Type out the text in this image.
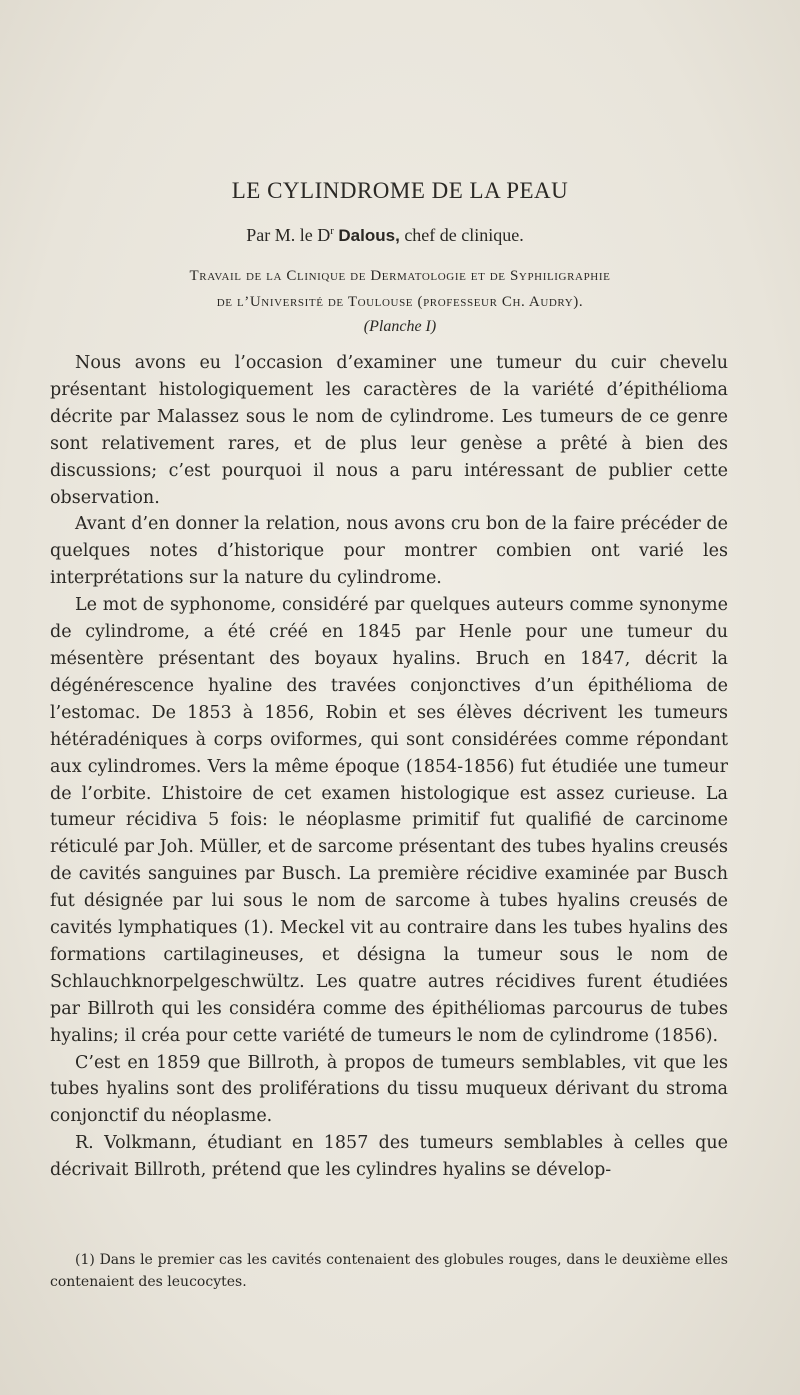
LE CYLINDROME DE LA PEAU
Par M. le $D^r$ Dalous, chef de clinique.
Travail de la Clinique de Dermatologie et de Syphiligraphie
de l’Université de Toulouse (professeur Ch. Audry).
(Planche I)

Nous avons eu l’occasion d’examiner une tumeur du cuir chevelu présentant histologiquement les caractères de la variété d’épithélioma décrite par Malassez sous le nom de cylindrome. Les tumeurs de ce genre sont relativement rares, et de plus leur genèse a prêté à bien des discussions; c’est pourquoi il nous a paru intéressant de publier cette observation.

Avant d’en donner la relation, nous avons cru bon de la faire précéder de quelques notes d’historique pour montrer combien ont varié les interprétations sur la nature du cylindrome.

Le mot de syphonome, considéré par quelques auteurs comme synonyme de cylindrome, a été créé en 1845 par Henle pour une tumeur du mésentère présentant des boyaux hyalins. Bruch en 1847, décrit la dégénérescence hyaline des travées conjonctives d’un épithélioma de l’estomac. De 1853 à 1856, Robin et ses élèves décrivent les tumeurs hétéradéniques à corps oviformes, qui sont considérées comme répondant aux cylindromes. Vers la même époque (1854-1856) fut étudiée une tumeur de l’orbite. L’histoire de cet examen histologique est assez curieuse. La tumeur récidiva 5 fois: le néoplasme primitif fut qualifié de carcinome réticulé par Joh. Müller, et de sarcome présentant des tubes hyalins creusés de cavités sanguines par Busch. La première récidive examinée par Busch fut désignée par lui sous le nom de sarcome à tubes hyalins creusés de cavités lymphatiques (1). Meckel vit au contraire dans les tubes hyalins des formations cartilagineuses, et désigna la tumeur sous le nom de Schlauchknorpelgeschwültz. Les quatre autres récidives furent étudiées par Billroth qui les considéra comme des épithéliomas parcourus de tubes hyalins; il créa pour cette variété de tumeurs le nom de cylindrome (1856).

C’est en 1859 que Billroth, à propos de tumeurs semblables, vit que les tubes hyalins sont des proliférations du tissu muqueux dérivant du stroma conjonctif du néoplasme.

R. Volkmann, étudiant en 1857 des tumeurs semblables à celles que décrivait Billroth, prétend que les cylindres hyalins se dévelop-

(1) Dans le premier cas les cavités contenaient des globules rouges, dans le deuxième elles contenaient des leucocytes.
